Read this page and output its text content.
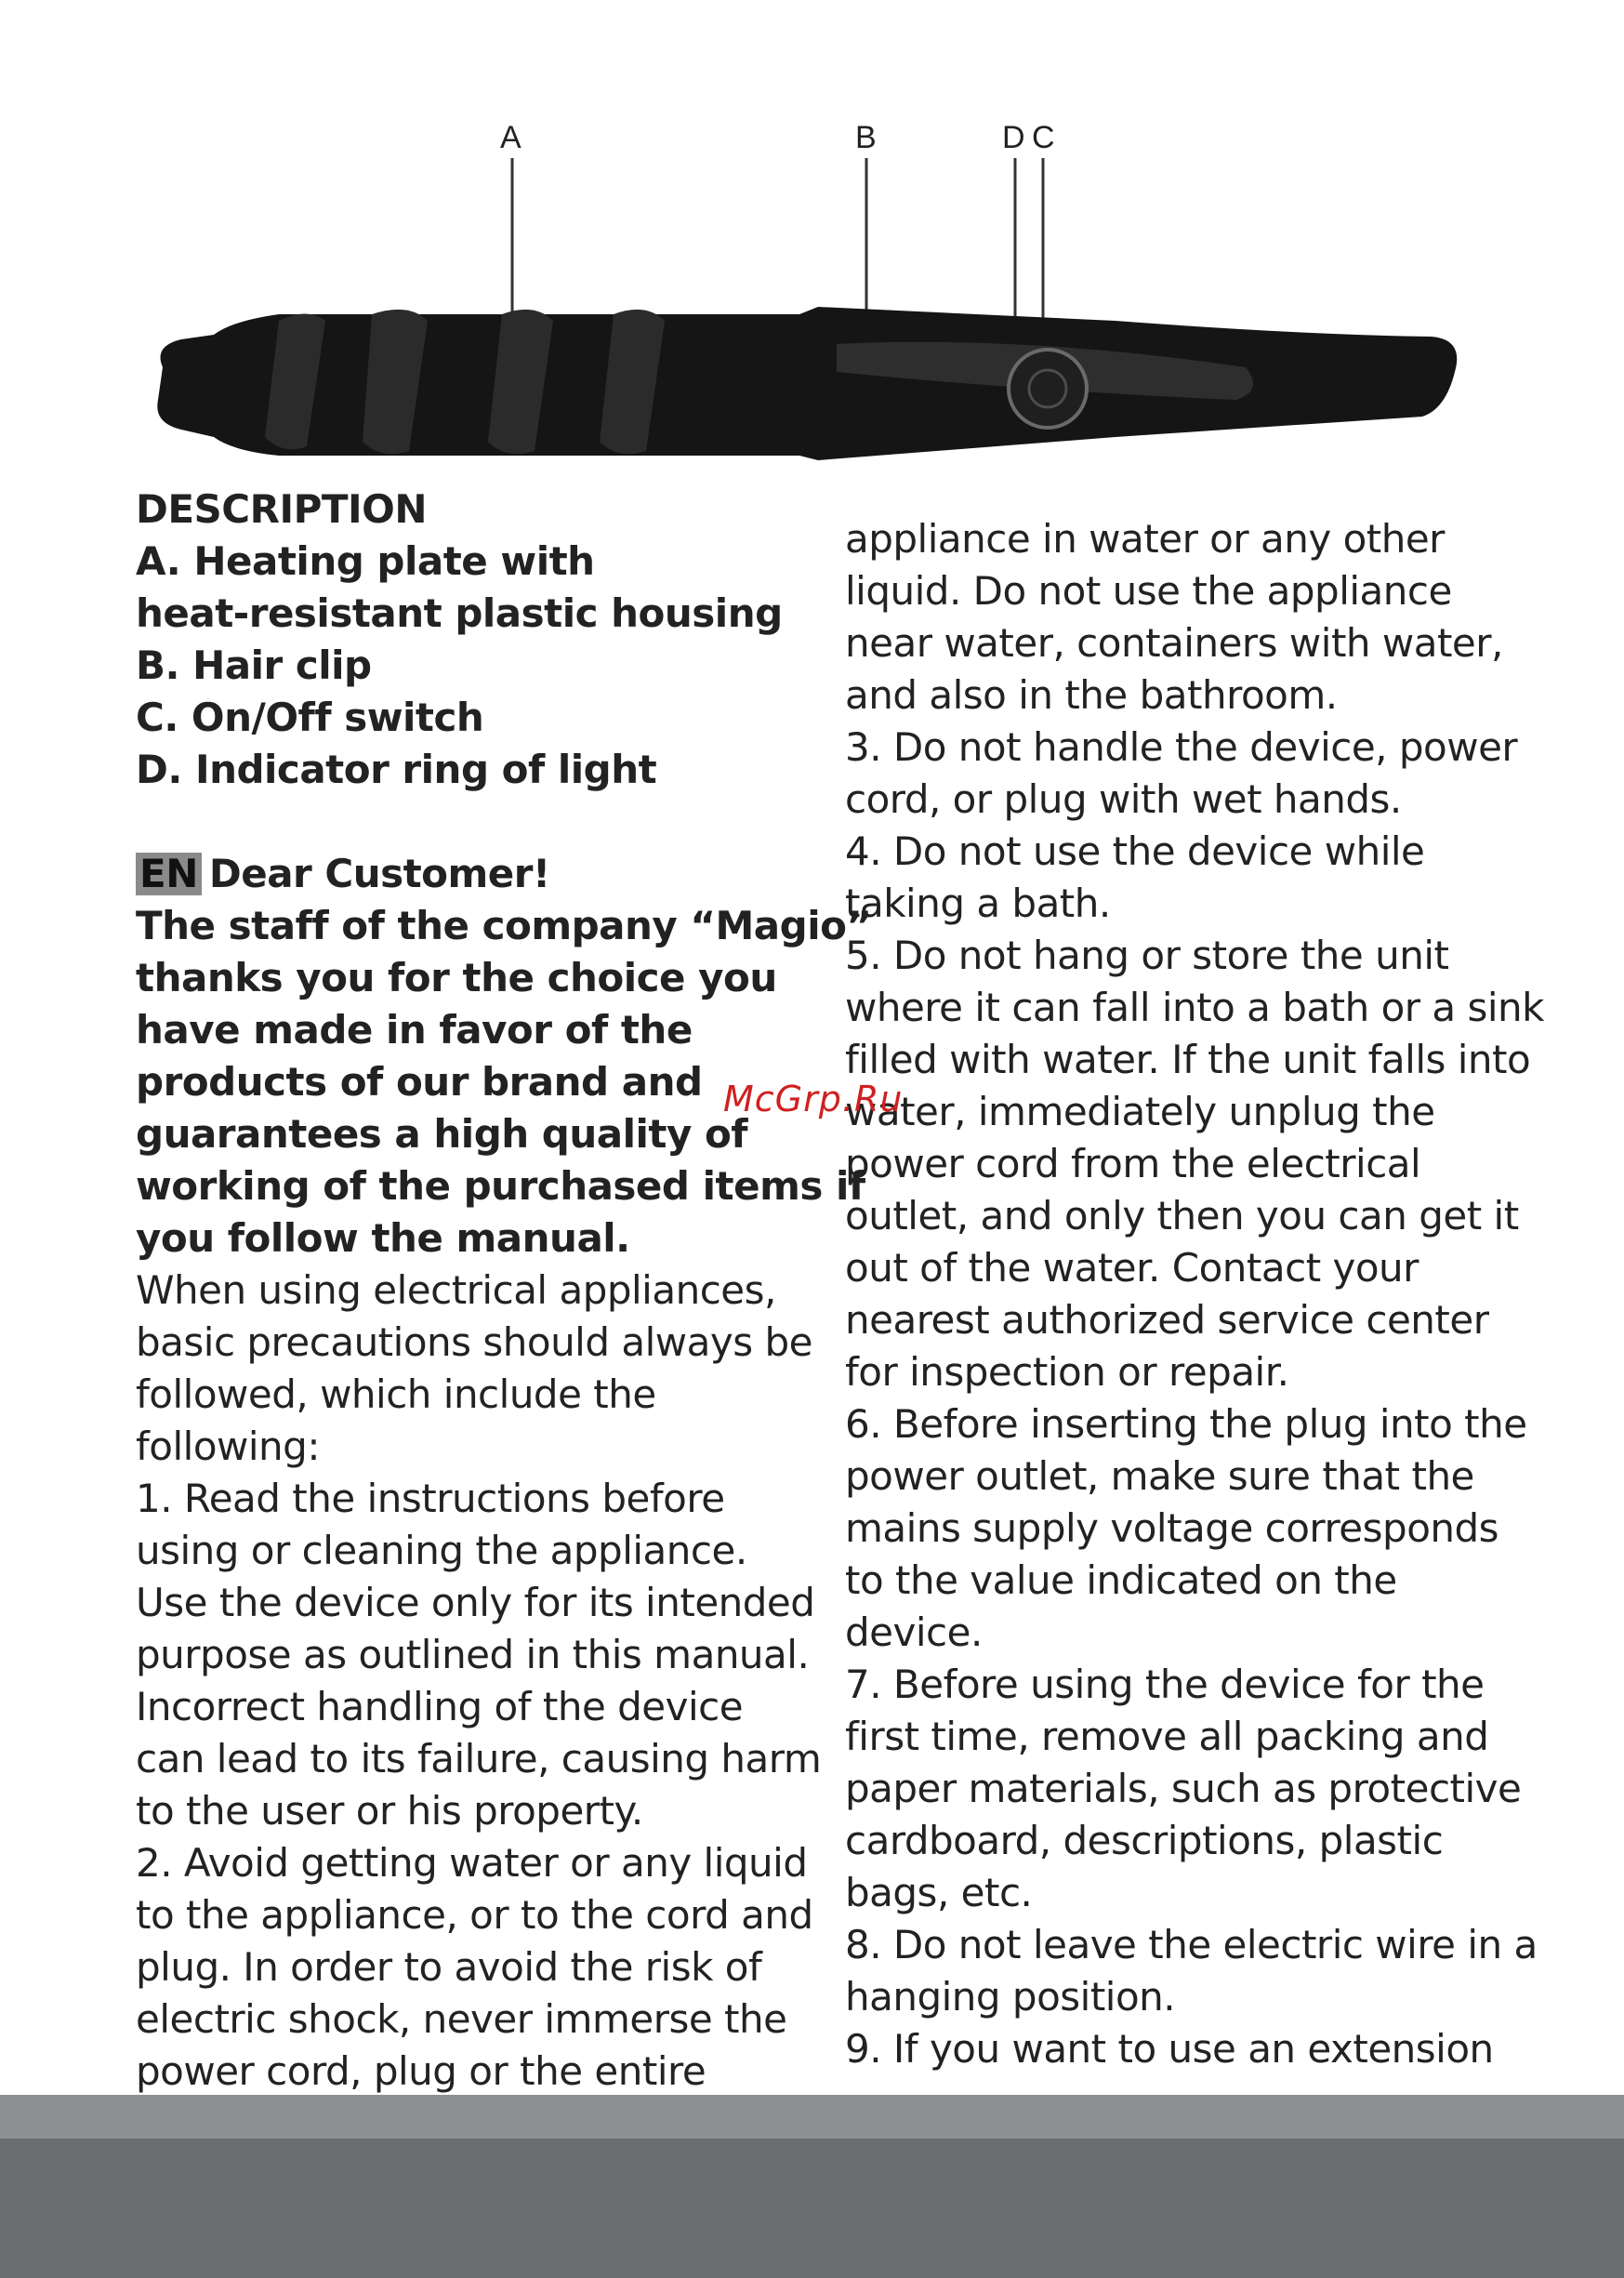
A	B	D C
DESCRIPTION
A. Heating plate with
heat-resistant plastic housing
B. Hair clip
C. On/Off switch
D. Indicator ring of light
EN Dear Customer!
The staff of the company “Magio”
thanks you for the choice you
have made in favor of the
products of our brand and
guarantees a high quality of
working of the purchased items if
you follow the manual.
When using electrical appliances,
basic precautions should always be
followed, which include the
following:
1. Read the instructions before
using or cleaning the appliance.
Use the device only for its intended
purpose as outlined in this manual.
Incorrect handling of the device
can lead to its failure, causing harm
to the user or his property.
2. Avoid getting water or any liquid
to the appliance, or to the cord and
plug. In order to avoid the risk of
electric shock, never immerse the
power cord, plug or the entire
appliance in water or any other
liquid. Do not use the appliance
near water, containers with water,
and also in the bathroom.
3. Do not handle the device, power
cord, or plug with wet hands.
4. Do not use the device while
taking a bath.
5. Do not hang or store the unit
where it can fall into a bath or a sink
filled with water. If the unit falls into
water, immediately unplug the
power cord from the electrical
outlet, and only then you can get it
out of the water. Contact your
nearest authorized service center
for inspection or repair.
6. Before inserting the plug into the
power outlet, make sure that the
mains supply voltage corresponds
to the value indicated on the
device.
7. Before using the device for the
first time, remove all packing and
paper materials, such as protective
cardboard, descriptions, plastic
bags, etc.
8. Do not leave the electric wire in a
hanging position.
9. If you want to use an extension
McGrp.Ru
